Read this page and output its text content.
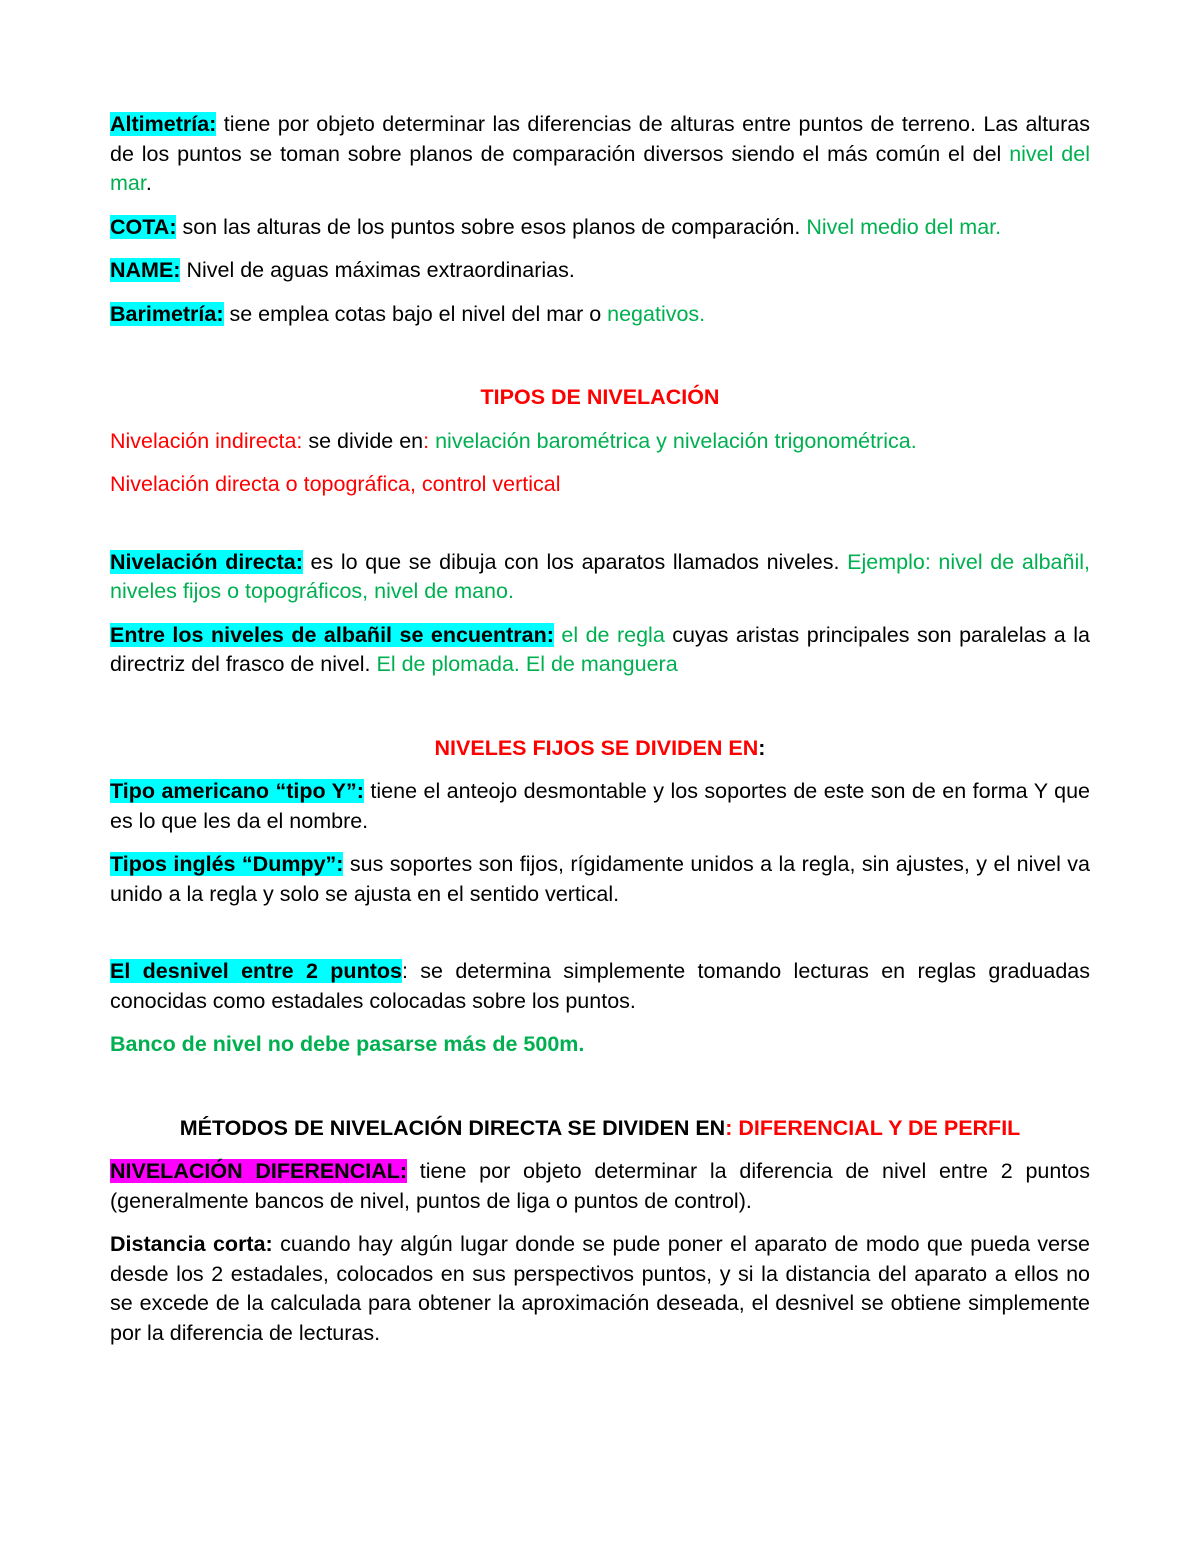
Altimetría: tiene por objeto determinar las diferencias de alturas entre puntos de terreno. Las alturas de los puntos se toman sobre planos de comparación diversos siendo el más común el del nivel del mar.

COTA: son las alturas de los puntos sobre esos planos de comparación. Nivel medio del mar.

NAME: Nivel de aguas máximas extraordinarias.

Barimetría: se emplea cotas bajo el nivel del mar o negativos.

TIPOS DE NIVELACIÓN

Nivelación indirecta: se divide en: nivelación barométrica y nivelación trigonométrica.

Nivelación directa o topográfica, control vertical

Nivelación directa: es lo que se dibuja con los aparatos llamados niveles. Ejemplo: nivel de albañil, niveles fijos o topográficos, nivel de mano.

Entre los niveles de albañil se encuentran: el de regla cuyas aristas principales son paralelas a la directriz del frasco de nivel. El de plomada. El de manguera

NIVELES FIJOS SE DIVIDEN EN:

Tipo americano “tipo Y”: tiene el anteojo desmontable y los soportes de este son de en forma Y que es lo que les da el nombre.

Tipos inglés “Dumpy”: sus soportes son fijos, rígidamente unidos a la regla, sin ajustes, y el nivel va unido a la regla y solo se ajusta en el sentido vertical.

El desnivel entre 2 puntos: se determina simplemente tomando lecturas en reglas graduadas conocidas como estadales colocadas sobre los puntos.

Banco de nivel no debe pasarse más de 500m.

MÉTODOS DE NIVELACIÓN DIRECTA SE DIVIDEN EN: DIFERENCIAL Y DE PERFIL

NIVELACIÓN DIFERENCIAL: tiene por objeto determinar la diferencia de nivel entre 2 puntos (generalmente bancos de nivel, puntos de liga o puntos de control).

Distancia corta: cuando hay algún lugar donde se pude poner el aparato de modo que pueda verse desde los 2 estadales, colocados en sus perspectivos puntos, y si la distancia del aparato a ellos no se excede de la calculada para obtener la aproximación deseada, el desnivel se obtiene simplemente por la diferencia de lecturas.
